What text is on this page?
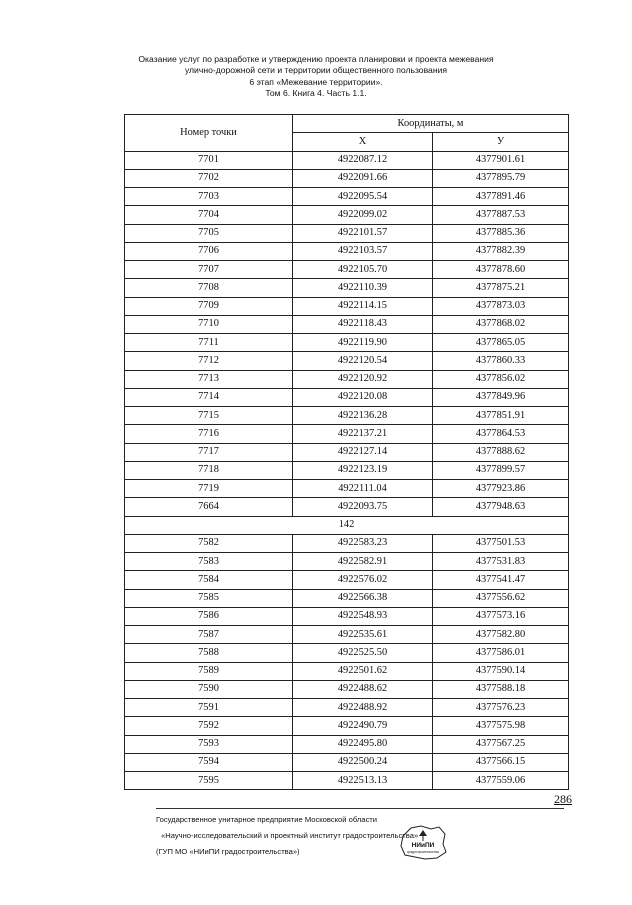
Оказание услуг по разработке и утверждению проекта планировки и проекта межевания
улично-дорожной сети и территории общественного пользования
6 этап «Межевание территории».
Том 6. Книга 4. Часть 1.1.
Номер точки	Координаты, м	
	X	У
7701	4922087.12	4377901.61
7702	4922091.66	4377895.79
7703	4922095.54	4377891.46
7704	4922099.02	4377887.53
7705	4922101.57	4377885.36
7706	4922103.57	4377882.39
7707	4922105.70	4377878.60
7708	4922110.39	4377875.21
7709	4922114.15	4377873.03
7710	4922118.43	4377868.02
7711	4922119.90	4377865.05
7712	4922120.54	4377860.33
7713	4922120.92	4377856.02
7714	4922120.08	4377849.96
7715	4922136.28	4377851.91
7716	4922137.21	4377864.53
7717	4922127.14	4377888.62
7718	4922123.19	4377899.57
7719	4922111.04	4377923.86
7664	4922093.75	4377948.63
142		
7582	4922583.23	4377501.53
7583	4922582.91	4377531.83
7584	4922576.02	4377541.47
7585	4922566.38	4377556.62
7586	4922548.93	4377573.16
7587	4922535.61	4377582.80
7588	4922525.50	4377586.01
7589	4922501.62	4377590.14
7590	4922488.62	4377588.18
7591	4922488.92	4377576.23
7592	4922490.79	4377575.98
7593	4922495.80	4377567.25
7594	4922500.24	4377566.15
7595	4922513.13	4377559.06
286
Государственное унитарное предприятие Московской области
«Научно-исследовательский и проектный институт градостроительства»
(ГУП МО «НИиПИ градостроительства»)
НИиПИ
градостроительства
